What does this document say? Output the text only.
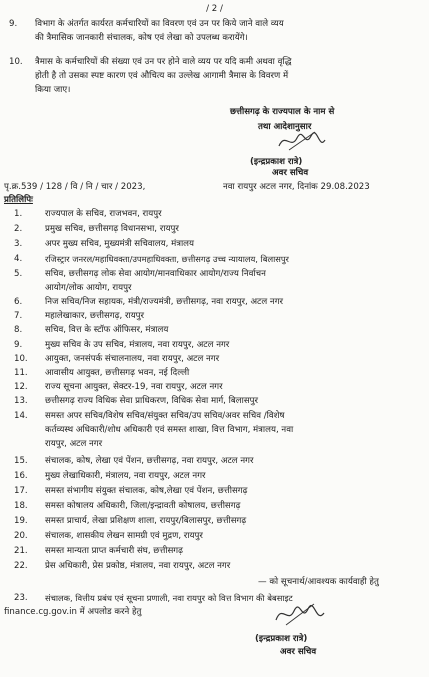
/ 2 /
9. विभाग के अंतर्गत कार्यरत कर्मचारियों का विवरण एवं उन पर किये जाने वाले व्यय
की त्रैमासिक जानकारी संचालक, कोष एवं लेखा को उपलब्ध करायेंगे।
10. त्रैमास के कर्मचारियों की संख्या एवं उन पर होने वाले व्यय पर यदि कमी अथवा वृद्धि
होती है तो उसका स्पष्ट कारण एवं औचित्य का उल्लेख आगामी त्रैमास के विवरण में
किया जाए।
छत्तीसगढ़ के राज्यपाल के नाम से
तथा आदेशानुसार
(इन्द्रप्रकाश रात्रे)
अवर सचिव
पृ.क्र.539 / 128 / वि / नि / चार / 2023,	नवा रायपुर अटल नगर, दिनांक 29.08.2023
प्रतिलिपिः
1.	राज्यपाल के सचिव, राजभवन, रायपुर
2.	प्रमुख सचिव, छत्तीसगढ़ विधानसभा, रायपुर
3.	अपर मुख्य सचिव, मुख्यमंत्री सचिवालय, मंत्रालय
4.	रजिस्ट्रार जनरल/महाधिवक्ता/उपमहाधिवक्ता, छत्तीसगढ़ उच्च न्यायालय, बिलासपुर
5.	सचिव, छत्तीसगढ़ लोक सेवा आयोग/मानवाधिकार आयोग/राज्य निर्वाचन
आयोग/लोक आयोग, रायपुर
6.	निज सचिव/निज सहायक, मंत्री/राज्यमंत्री, छत्तीसगढ़, नवा रायपुर, अटल नगर
7.	महालेखाकार, छत्तीसगढ़, रायपुर
8.	सचिव, वित्त के स्टॉफ ऑफिसर, मंत्रालय
9.	मुख्य सचिव के उप सचिव, मंत्रालय, नवा रायपुर, अटल नगर
10. आयुक्त, जनसंपर्क संचालनालय, नवा रायपुर, अटल नगर
11. आवासीय आयुक्त, छत्तीसगढ़ भवन, नई दिल्ली
12. राज्य सूचना आयुक्त, सेक्टर-19, नवा रायपुर, अटल नगर
13. छत्तीसगढ़ राज्य विधिक सेवा प्राधिकरण, विधिक सेवा मार्ग, बिलासपुर
14. समस्त अपर सचिव/विशेष सचिव/संयुक्त सचिव/उप सचिव/अवर सचिव /विशेष
कर्तव्यस्थ अधिकारी/शोध अधिकारी एवं समस्त शाखा, वित्त विभाग, मंत्रालय, नवा
रायपुर, अटल नगर
15. संचालक, कोष, लेखा एवं पेंशन, छत्तीसगढ़, नवा रायपुर, अटल नगर
16. मुख्य लेखाधिकारी, मंत्रालय, नवा रायपुर, अटल नगर
17. समस्त संभागीय संयुक्त संचालक, कोष,लेखा एवं पेंशन, छत्तीसगढ़
18. समस्त कोषालय अधिकारी, जिला/इन्द्रावती कोषालय, छत्तीसगढ़
19. समस्त प्राचार्य, लेखा प्रशिक्षण शाला, रायपुर/बिलासपुर, छत्तीसगढ़
20. संचालक, शासकीय लेखन सामग्री एवं मुद्रण, रायपुर
21. समस्त मान्यता प्राप्त कर्मचारी संघ, छत्तीसगढ़
22. प्रेस अधिकारी, प्रेस प्रकोष्ठ, मंत्रालय, नवा रायपुर, अटल नगर
— को सूचनार्थ/आवश्यक कार्यवाही हेतु
23. संचालक, वित्तीय प्रबंध एवं सूचना प्रणाली, नवा रायपुर को वित्त विभाग की बेबसाइट
finance.cg.gov.in में अपलोड करने हेतु
(इन्द्रप्रकाश रात्रे)
अवर सचिव
